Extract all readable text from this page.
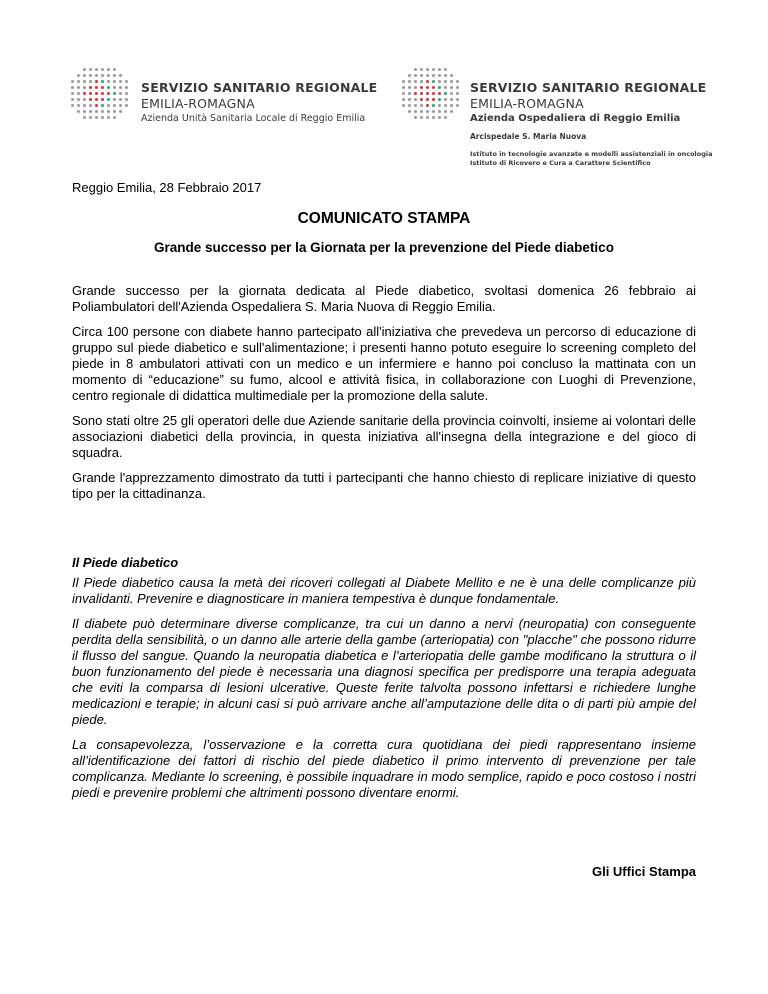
SERVIZIO SANITARIO REGIONALE
EMILIA-ROMAGNA
Azienda Unità Sanitaria Locale di Reggio Emilia
SERVIZIO SANITARIO REGIONALE
EMILIA-ROMAGNA
Azienda Ospedaliera di Reggio Emilia
Arcispedale S. Maria Nuova
Istituto in tecnologie avanzate e modelli assistenziali in oncologia
Istituto di Ricovero e Cura a Carattere Scientifico
Reggio Emilia, 28 Febbraio 2017
COMUNICATO STAMPA
Grande successo per la Giornata per la prevenzione del Piede diabetico

Grande successo per la giornata dedicata al Piede diabetico, svoltasi domenica 26 febbraio ai Poliambulatori dell'Azienda Ospedaliera S. Maria Nuova di Reggio Emilia.

Circa 100 persone con diabete hanno partecipato all'iniziativa che prevedeva un percorso di educazione di gruppo sul piede diabetico e sull'alimentazione; i presenti hanno potuto eseguire lo screening completo del piede in 8 ambulatori attivati con un medico e un infermiere e hanno poi concluso la mattinata con un momento di “educazione” su fumo, alcool e attività fisica, in collaborazione con Luoghi di Prevenzione, centro regionale di didattica multimediale per la promozione della salute.

Sono stati oltre 25 gli operatori delle due Aziende sanitarie della provincia coinvolti, insieme ai volontari delle associazioni diabetici della provincia, in questa iniziativa all'insegna della integrazione e del gioco di squadra.

Grande l'apprezzamento dimostrato da tutti i partecipanti che hanno chiesto di replicare iniziative di questo tipo per la cittadinanza.

Il Piede diabetico

Il Piede diabetico causa la metà dei ricoveri collegati al Diabete Mellito e ne è una delle complicanze più invalidanti. Prevenire e diagnosticare in maniera tempestiva è dunque fondamentale.

Il diabete può determinare diverse complicanze, tra cui un danno a nervi (neuropatia) con conseguente perdita della sensibilità, o un danno alle arterie della gambe (arteriopatia) con "placche" che possono ridurre il flusso del sangue. Quando la neuropatia diabetica e l’arteriopatia delle gambe modificano la struttura o il buon funzionamento del piede è necessaria una diagnosi specifica per predisporre una terapia adeguata che eviti la comparsa di lesioni ulcerative. Queste ferite talvolta possono infettarsi e richiedere lunghe medicazioni e terapie; in alcuni casi si può arrivare anche all’amputazione delle dita o di parti più ampie del piede.

La consapevolezza, l’osservazione e la corretta cura quotidiana dei piedi rappresentano insieme all’identificazione dei fattori di rischio del piede diabetico il primo intervento di prevenzione per tale complicanza. Mediante lo screening, è possibile inquadrare in modo semplice, rapido e poco costoso i nostri piedi e prevenire problemi che altrimenti possono diventare enormi.

Gli Uffici Stampa
